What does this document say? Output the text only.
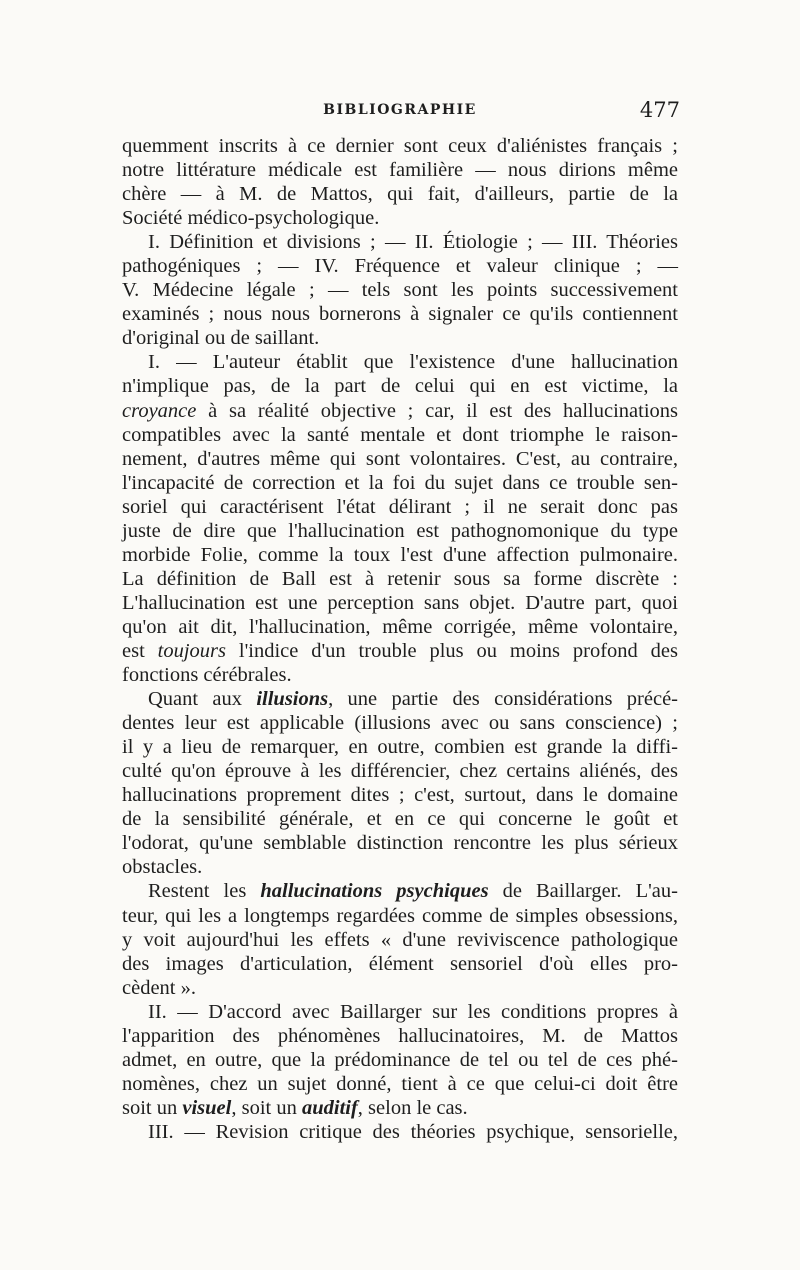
BIBLIOGRAPHIE	477
quemment inscrits à ce dernier sont ceux d'aliénistes français ;
notre littérature médicale est familière — nous dirions même
chère — à M. de Mattos, qui fait, d'ailleurs, partie de la
Société médico-psychologique.
I. Définition et divisions ; — II. Étiologie ; — III. Théories
pathogéniques ; — IV. Fréquence et valeur clinique ; —
V. Médecine légale ; — tels sont les points successivement
examinés ; nous nous bornerons à signaler ce qu'ils contiennent
d'original ou de saillant.
I. — L'auteur établit que l'existence d'une hallucination
n'implique pas, de la part de celui qui en est victime, la
croyance à sa réalité objective ; car, il est des hallucinations
compatibles avec la santé mentale et dont triomphe le raison-
nement, d'autres même qui sont volontaires. C'est, au contraire,
l'incapacité de correction et la foi du sujet dans ce trouble sen-
soriel qui caractérisent l'état délirant ; il ne serait donc pas
juste de dire que l'hallucination est pathognomonique du type
morbide Folie, comme la toux l'est d'une affection pulmonaire.
La définition de Ball est à retenir sous sa forme discrète :
L'hallucination est une perception sans objet. D'autre part, quoi
qu'on ait dit, l'hallucination, même corrigée, même volontaire,
est toujours l'indice d'un trouble plus ou moins profond des
fonctions cérébrales.
Quant aux illusions, une partie des considérations précé-
dentes leur est applicable (illusions avec ou sans conscience) ;
il y a lieu de remarquer, en outre, combien est grande la diffi-
culté qu'on éprouve à les différencier, chez certains aliénés, des
hallucinations proprement dites ; c'est, surtout, dans le domaine
de la sensibilité générale, et en ce qui concerne le goût et
l'odorat, qu'une semblable distinction rencontre les plus sérieux
obstacles.
Restent les hallucinations psychiques de Baillarger. L'au-
teur, qui les a longtemps regardées comme de simples obsessions,
y voit aujourd'hui les effets « d'une reviviscence pathologique
des images d'articulation, élément sensoriel d'où elles pro-
cèdent ».
II. — D'accord avec Baillarger sur les conditions propres à
l'apparition des phénomènes hallucinatoires, M. de Mattos
admet, en outre, que la prédominance de tel ou tel de ces phé-
nomènes, chez un sujet donné, tient à ce que celui-ci doit être
soit un visuel, soit un auditif, selon le cas.
III. — Revision critique des théories psychique, sensorielle,
